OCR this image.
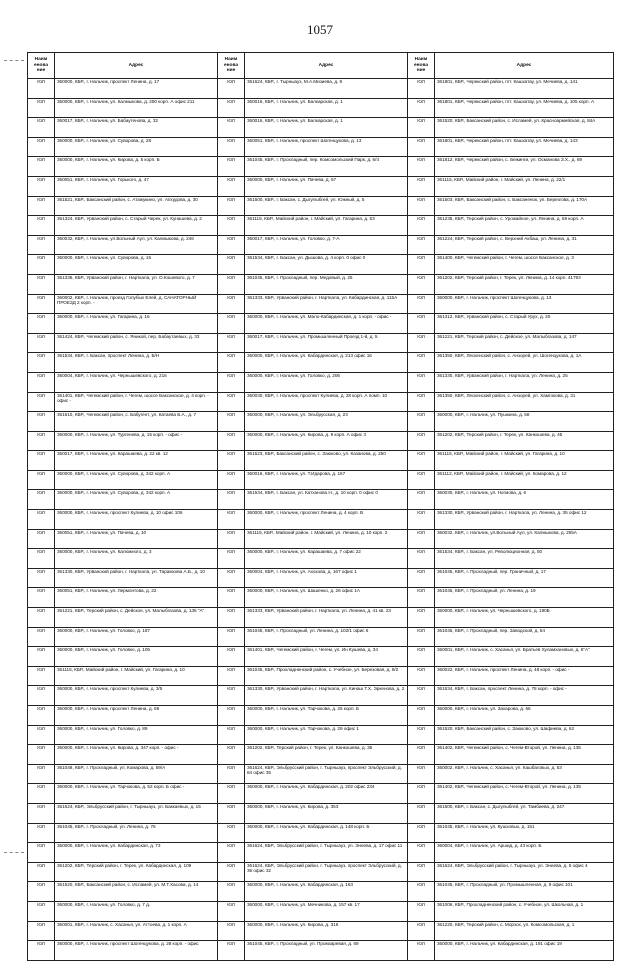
1057
Наим енова ние	Адрес	Наим енова ние	Адрес	Наим енова ние	Адрес
ЮЛ	360000, КБР., г. Нальчик, проспект Ленина, д. 17	ЮЛ	361624, КБР., г. Тырныауз, М.А.Мизиева, д. 9	ЮЛ	361801, КБР., Черекский район, пгт. Кашхатау, ул. Мечиева, д. 141
ЮЛ	360000, КБР., г. Нальчик, ул. Калмыкова, д. 250 корп. А офис 211	ЮЛ	360016, КБР., г. Нальчик, ул. Балкарская, д. 1	ЮЛ	361801, КБР., Черекский район, пгт. Кашхатау, ул. Мечиева, д. 105 корп. А
ЮЛ	360017, КБР., г. Нальчик, ул. Бабаутенова, д. 32	ЮЛ	360016, КБР., г. Нальчик, ул. Балкарская, д. 1	ЮЛ	361520, КБР., Баксанский район, с. Исламей, ул. Красноармейская, д. 84А
ЮЛ	360000, КБР., г. Нальчик, ул. Суворова, д. 28	ЮЛ	360051, КБР., г. Нальчик, проспект Шогенцукова, д. 13	ЮЛ	361801, КБР., Черекский район, пгт. Кашхатау, ул. Мечиева, д. 143
ЮЛ	360000, КБР., г. Нальчик, ул. Кирова, д. 5 корп. Б	ЮЛ	361045, КБР., г. Прохладный, пер. Комсомольский Парк, д. 6/4	ЮЛ	361812, КБР., Черекский район, с. Бежинги, ул. Османова З.Х., д. 69
ЮЛ	360051, КБР., г. Нальчик, ул. Горького, д. 47	ЮЛ	360000, КБР., г. Нальчик, ул. Пачева, д. 57	ЮЛ	361115, КБР., Майский район, г. Майский, ул. Ленина, д. 22/1
ЮЛ	361521, КБР., Баксанский район, с. Атажукино, ул. Апхудова, д. 30	ЮЛ	361500, КБР., г. Баксан, с. Дыгулыбгей, ул. Южный, д. 5	ЮЛ	361503, КБР., Баксанский район, с. Баксаненок, ул. Березгова, д. 170А
ЮЛ	361324, КБР., Урванский район, с. Старый Черек, ул. Кунашева, д. 2	ЮЛ	361115, КБР., Майский район, г. Майский, ул. Гагарина, д. 53	ЮЛ	361235, КБР., Терский район, с. Урожайное, ул. Ленина, д. 59 корп. А
ЮЛ	360032, КБР., г. Нальчик, ул.Вольный Аул, ул. Калмыкова, д. 246	ЮЛ	360017, КБР., г. Нальчик, ул. Головко, д. 7-А	ЮЛ	361224, КБР., Терский район, с. Верхний Акбаш, ул. Ленина, д. 31
ЮЛ	360000, КБР., г. Нальчик, ул. Суворова, д. 16	ЮЛ	361534, КБР., г. Баксан, ул. Дышова, д. 4 корп. 0 офис 0	ЮЛ	361400, КБР., Чегемский район, г. Чегем, шоссе Баксанское, д. 3
ЮЛ	361336, КБР., Урванский район, г. Нарткала, ул. О.Кошевого, д. 7	ЮЛ	361045, КБР., г. Прохладный, пер. Медовый, д. 25	ЮЛ	361202, КБР., Терский район, г. Терек, ул. Ленина, д. 14 корп. 41793
ЮЛ	360002, КБР., г. Нальчик, проезд Голубых Елей, д. САНАТОРНЫЙ ПРОЕЗД 2 корп. -	ЮЛ	361333, КБР., Урванский район, г. Нарткала, ул. Кабардинская, д. 115А	ЮЛ	360000, КБР., г. Нальчик, проспект Шогенцукова, д. 13
ЮЛ	360000, КБР., г. Нальчик, ул. Гагарина, д. 16	ЮЛ	360000, КБР., г. Нальчик, ул. Мало-Кабардинская, д. 1 корп. - офис -	ЮЛ	361312, КБР., Урванский район, с. Старый Урух, д. 20
ЮЛ	361424, КБР., Чегемский район, с. Яникой, пер. Бабаутаевых, д. 33	ЮЛ	360017, КБР., г. Нальчик, ул. Промышленный Проезд 1-й, д. 5	ЮЛ	361221, КБР., Терский район, с. Дейское, ул. Малыбгазова, д. 147
ЮЛ	361534, КБР., г. Баксан, проспект Ленина, д. Б/Н	ЮЛ	360000, КБР., г. Нальчик, ул. Кабардинская, д. 213 офис 16	ЮЛ	361350, КБР., Лескенский район, с. Анзорей, ул. Шогенцукова, д. 1А
ЮЛ	360004, КБР., г. Нальчик, ул. Чернышевского, д. 216	ЮЛ	360000, КБР., г. Нальчик, ул. Головко, д. 206	ЮЛ	361330, КБР., Урванский район, г. Нарткала, ул. Ленина, д. 25
ЮЛ	361401, КБР., Чегемский район, г. Чегем, шоссе Баксанское, д. 4 корп. - офис -	ЮЛ	360030, КБР., г. Нальчик, проспект Кулиева, д. 28 корп. А помп. 10	ЮЛ	361350, КБР., Лескенский район, с. Анзорей, ул. Хамгокова, д. 31
ЮЛ	361610, КБР., Чегемский район, с. Бабугент, ул. Катаева Б.А., д. 7	ЮЛ	360000, КБР., г. Нальчик, ул. Эльбрусская, д. 23	ЮЛ	360000, КБР., г. Нальчик, ул. Пушкина, д. 58
ЮЛ	360000, КБР., г. Нальчик, ул. Тургенева, д. 15 корп. - офис -	ЮЛ	360000, КБР., г. Нальчик, ул. Кирова, д. 9 корп. А офис 3	ЮЛ	361202, КБР., Терский район, г. Терек, ул. Канкошева, д. 45
ЮЛ	360017, КБР., г. Нальчик, ул. Карашаева, д. 22 кв. 12	ЮЛ	361523, КБР., Баксанский район, с. Заюково, ул. Казанова, д. 250	ЮЛ	361115, КБР., Майский район, г. Майский, ул. Гагарина, д. 10
ЮЛ	360000, КБР., г. Нальчик, ул. Суворова, д. 342 корп. А	ЮЛ	360016, КБР., г. Нальчик, ул. Т.Идарова, д. 167	ЮЛ	361112, КБР., Майский район, г. Майский, ул. Комарова, д. 12
ЮЛ	360000, КБР., г. Нальчик, ул. Суворова, д. 342 корп. А	ЮЛ	361534, КБР., г. Баксан, ул. Катханова Н., д. 10 корп. 0 офис 0	ЮЛ	360030, КБР., г. Нальчик, ул. Ногмова, д. 6
ЮЛ	360000, КБР., г. Нальчик, проспект Кулиева, д. 10 офис 106	ЮЛ	360000, КБР., г. Нальчик, проспект Ленина, д. 4 корп. В	ЮЛ	361330, КБР., Урванский район, г. Нарткала, ул. Ленина, д. 35 офис 12
ЮЛ	360051, КБР., г. Нальчик, ул. Пачева, д. 10	ЮЛ	361115, КБР., Майский район, г. Майский, ул. Ленина, д. 10 корп. 2	ЮЛ	360032, КБР., г. Нальчик, ул.Вольный Аул, ул. Калмыкова, д. 255А
ЮЛ	360000, КБР., г. Нальчик, ул. Калюжного, д. 3	ЮЛ	360000, КБР., г. Нальчик, ул. Карашаева, д. 7 офис 22	ЮЛ	361534, КБР., г. Баксан, ул. Революционная, д. 50
ЮЛ	361330, КБР., Урванский район, г. Нарткала, ул. Тарамхова А.Б., д. 10	ЮЛ	360004, КБР., г. Нальчик, ул. Ахохова, д. 167 офис 1	ЮЛ	361045, КБР., г. Прохладный, пер. Граничный, д. 17
ЮЛ	360051, КБР., г. Нальчик, ул. Лермонтова, д. 22	ЮЛ	360000, КБР., г. Нальчик, ул. Шашенко, д. 26 офис 1А	ЮЛ	361045, КБР., г. Прохладный, ул. Ленина, д. 19
ЮЛ	361221, КБР., Терский район, с. Дейское, ул. Малыбгазова, д. 135 "А"	ЮЛ	361333, КБР., Урванский район, г. Нарткала, ул. Ленина, д. 41 кв. 23	ЮЛ	360000, КБР., г. Нальчик, ул. Чернышевского, д. 190Б
ЮЛ	360000, КБР., г. Нальчик, ул. Головко, д. 187	ЮЛ	361045, КБР., г. Прохладный, ул. Ленина, д. 102/1 офис 6	ЮЛ	361045, КБР., г. Прохладный, пер. Заводской, д. 54
ЮЛ	360000, КБР., г. Нальчик, ул. Головко, д. 105	ЮЛ	361401, КБР., Чегемский район, г. Чегем, ул. Ин Кушева, д. 34	ЮЛ	360001, КБР., г. Нальчик, с. Хасанья, ул. Братьев Хуламхановых, д. 6"А"
ЮЛ	361115, КБР., Майский район, г. Майский, ул. Гагарина, д. 10	ЮЛ	361045, КБР., Прохладненский район, с. Учебное, ул. Березовая, д. 8/2	ЮЛ	360022, КБР., г. Нальчик, проспект Ленина, д. 48 корп. - офис -
ЮЛ	360000, КБР., г. Нальчик, проспект Кулиева, д. 3/5	ЮЛ	361330, КБР., Урванский район, г. Нарткала, ул. Кинаш Т.Х. Эркенова, д. 2	ЮЛ	361534, КБР., г. Баксан, проспект Ленина, д. 78 корп. - офис -
ЮЛ	360000, КБР., г. Нальчик, проспект Ленина, д. 69	ЮЛ	360000, КБР., г. Нальчик, ул. Тарчокова, д. 25 корп. Б	ЮЛ	360000, КБР., г. Нальчик, ул. Захарова, д. 66
ЮЛ	360000, КБР., г. Нальчик, ул. Головко, д. 89	ЮЛ	360000, КБР., г. Нальчик, ул. Тарчокова, д. 29 офис 1	ЮЛ	361520, КБР., Баксанский район, с. Заюково, ул. Шафиева, д. 62
ЮЛ	360000, КБР., г. Нальчик, ул. Кирова, д. 347 корп. - офис -	ЮЛ	361202, КБР., Терский район, г. Терек, ул. Канкошева, д. 35	ЮЛ	361402, КБР., Чегемский район, с. Чегем-Второй, ул. Ленина, д. 135
ЮЛ	361048, КБР., г. Прохладный, ул. Комарова, д. 59/А	ЮЛ	361624, КБР., Эльбрусский район, г. Тырныауз, проспект Эльбрусский, д. 84 офис 35	ЮЛ	360002, КБР., г. Нальчик, с. Хасанья, ул. Кашбаговых, д. 53
ЮЛ	360000, КБР., г. Нальчик, ул. Тарчокова, д. 52 корп. Б офис -	ЮЛ	360000, КБР., г. Нальчик, ул. Кабардинская, д. 202 офис 234	ЮЛ	361402, КБР., Чегемский район, с. Чегем-Второй, ул. Ленина, д. 135
ЮЛ	361624, КБР., Эльбрусский район, г. Тырныауз, ул. Баккаевых, д. 15	ЮЛ	360000, КБР., г. Нальчик, ул. Кирова, д. 353	ЮЛ	361500, КБР., г. Баксан, с. Дыгулыбгей, ул. Тамбиева, д. 247
ЮЛ	361045, КБР., г. Прохладный, ул. Ленина, д. 76	ЮЛ	360000, КБР., г. Нальчик, ул. Кабардинская, д. 148 корп. Б	ЮЛ	361045, КБР., г. Нальчик, ул. Кушховых, д. 151
ЮЛ	360000, КБР., г. Нальчик, ул. Кабардинская, д. 73	ЮЛ	361624, КБР., Эльбрусский район, г. Тырныауз, ул. Энеева, д. 17 офис 11	ЮЛ	360004, КБР., г. Нальчик, ул. Аршид, д. 43 корп. Б
ЮЛ	361202, КБР., Терский район, г. Терек, ул. Кабардинская, д. 109	ЮЛ	361624, КБР., Эльбрусский район, г. Тырныауз, проспект Эльбрусский, д. 35 офис 32	ЮЛ	361624, КБР., Эльбрусский район, г. Тырныауз, ул. Энеева, д. 5 офис 4
ЮЛ	361520, КБР., Баксанский район, с. Исламей, ул. М.Т.Хасова, д. 14	ЮЛ	360000, КБР., г. Нальчик, ул. Кабардинская, д. 163	ЮЛ	361045, КБР., г. Прохладный, ул. Промышленная, д. 9 офис 101
ЮЛ	360000, КБР., г. Нальчик, ул. Головко, д. 7 д.	ЮЛ	360000, КБР., г. Нальчик, ул. Мечникова, д. 157 кв. 17	ЮЛ	361006, КБР., Прохладненский район, с. Учебное, ул. Школьная, д. 1
ЮЛ	360001, КБР., г. Нальчик, с. Хасанья, ул. Аттоева, д. 1 корп. А	ЮЛ	360000, КБР., г. Нальчик, ул. Кирова, д. 316	ЮЛ	361220, КБР., Терский район, с. Морзох, ул. Комсомольская, д. 1
ЮЛ	360000, КБР., г. Нальчик, проспект Шогенцукова, д. 28 корп. - офис	ЮЛ	361045, КБР., г. Прохладный, ул. Промзаревая, д. 69	ЮЛ	360000, КБР., г. Нальчик, ул. Кабардинская, д. 191 офис 19
